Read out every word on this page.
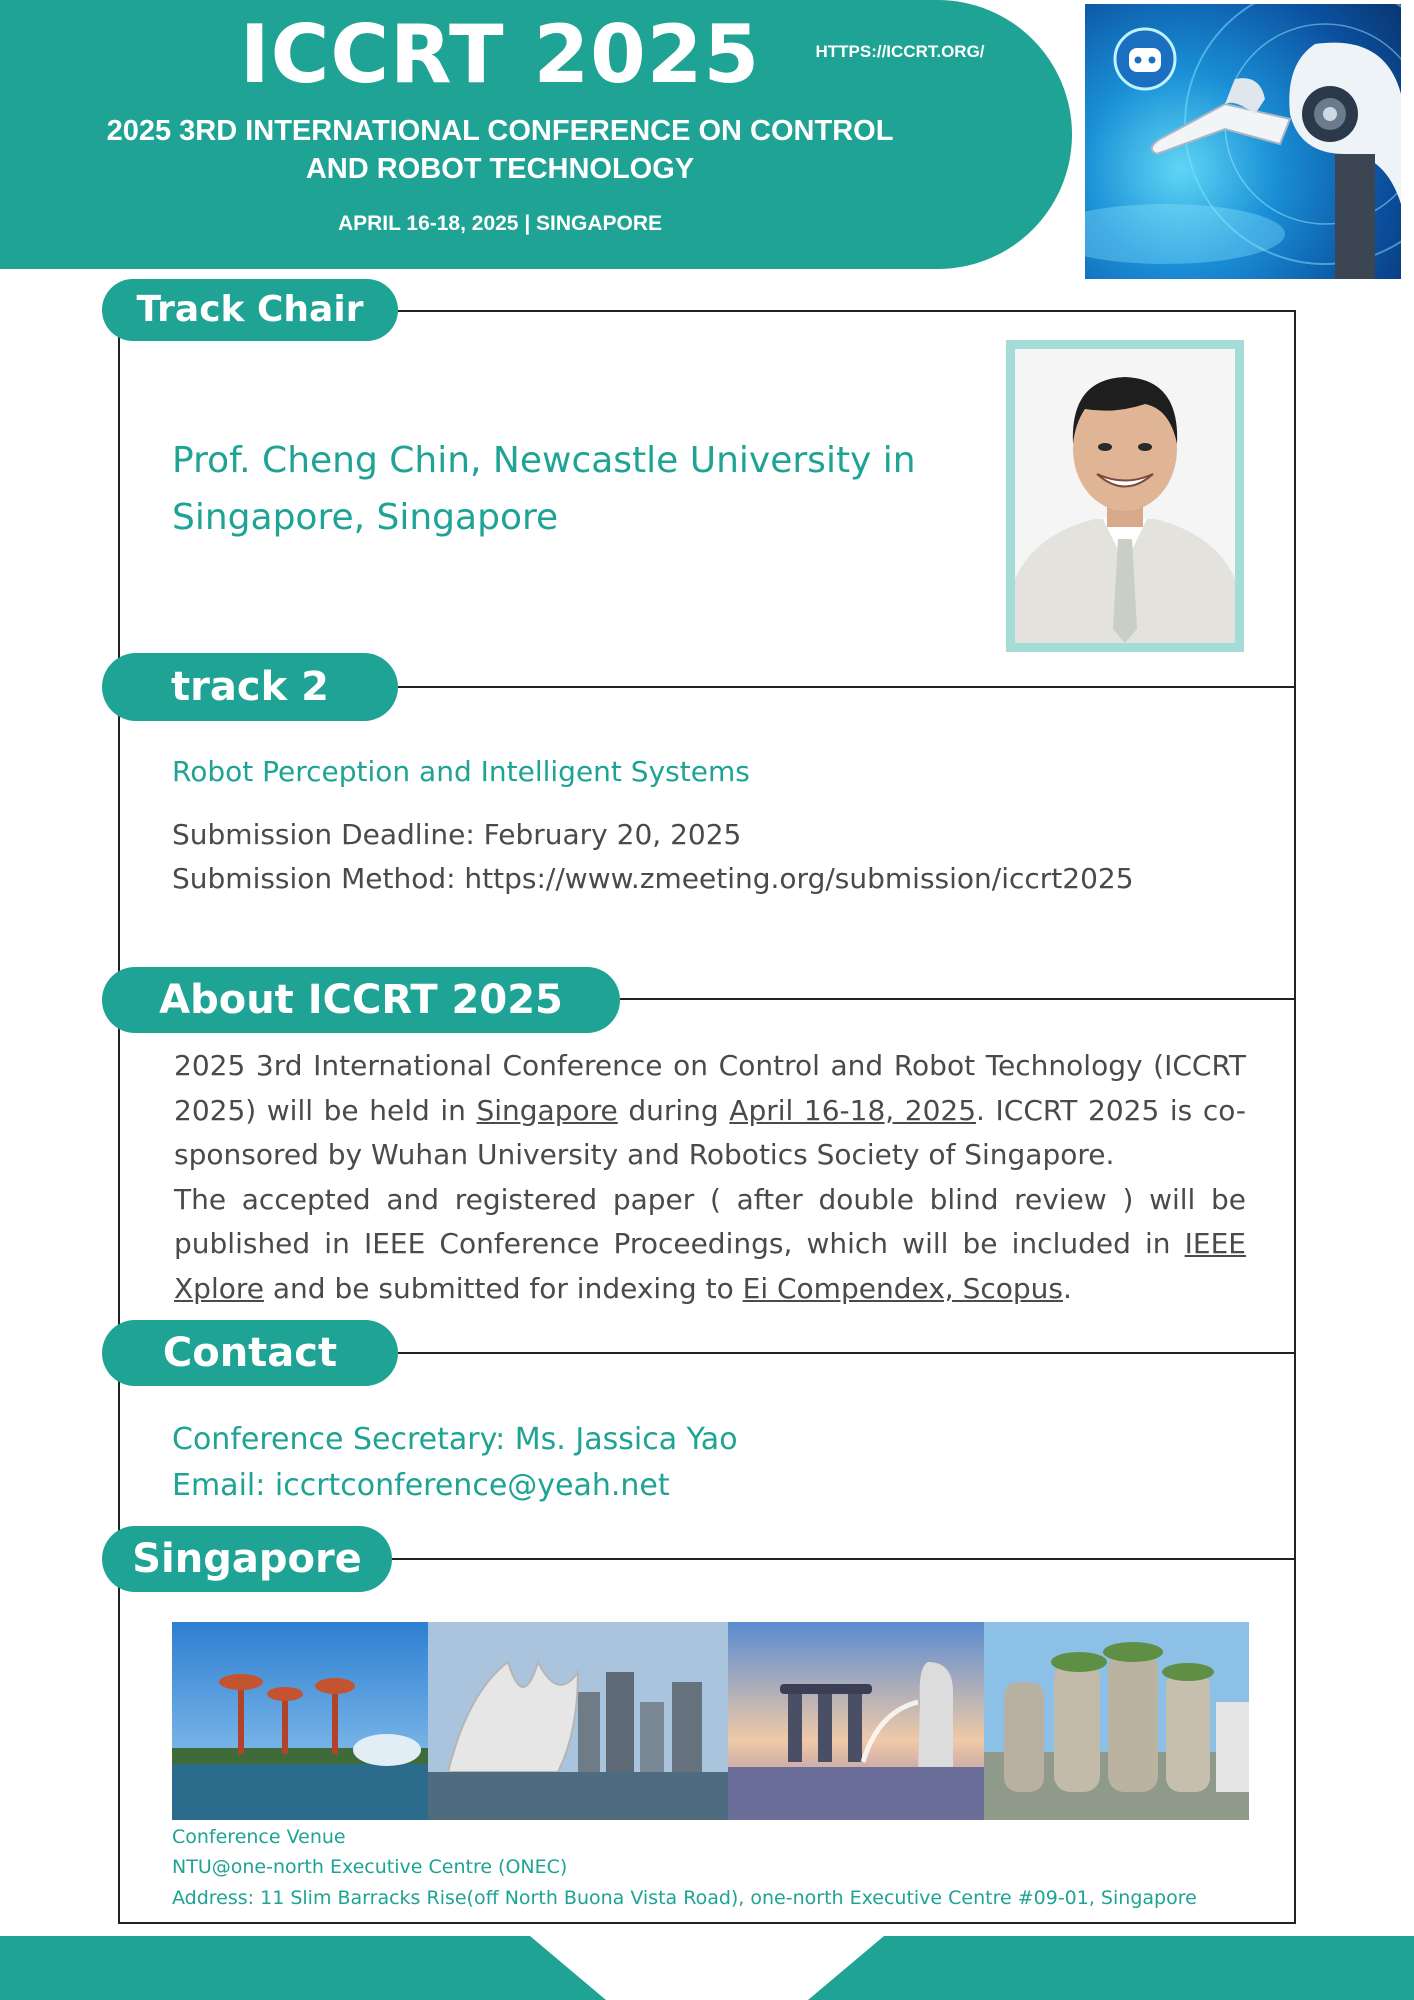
ICCRT 2025	HTTPS://ICCRT.ORG/
2025 3RD INTERNATIONAL CONFERENCE ON CONTROL
AND ROBOT TECHNOLOGY
APRIL 16-18, 2025 | SINGAPORE
Track Chair
Prof. Cheng Chin, Newcastle University in
Singapore, Singapore
track 2
Robot Perception and Intelligent Systems
Submission Deadline: February 20, 2025
Submission Method: https://www.zmeeting.org/submission/iccrt2025
About ICCRT 2025
2025 3rd International Conference on Control and Robot Technology (ICCRT 2025) will be held in Singapore during April 16-18, 2025. ICCRT 2025 is co-sponsored by Wuhan University and Robotics Society of Singapore.
The accepted and registered paper ( after double blind review ) will be published in IEEE Conference Proceedings, which will be included in IEEE Xplore and be submitted for indexing to Ei Compendex, Scopus.
Contact
Conference Secretary: Ms. Jassica Yao
Email: iccrtconference@yeah.net
Singapore
Conference Venue
NTU@one-north Executive Centre (ONEC)
Address: 11 Slim Barracks Rise(off North Buona Vista Road), one-north Executive Centre #09-01, Singapore
